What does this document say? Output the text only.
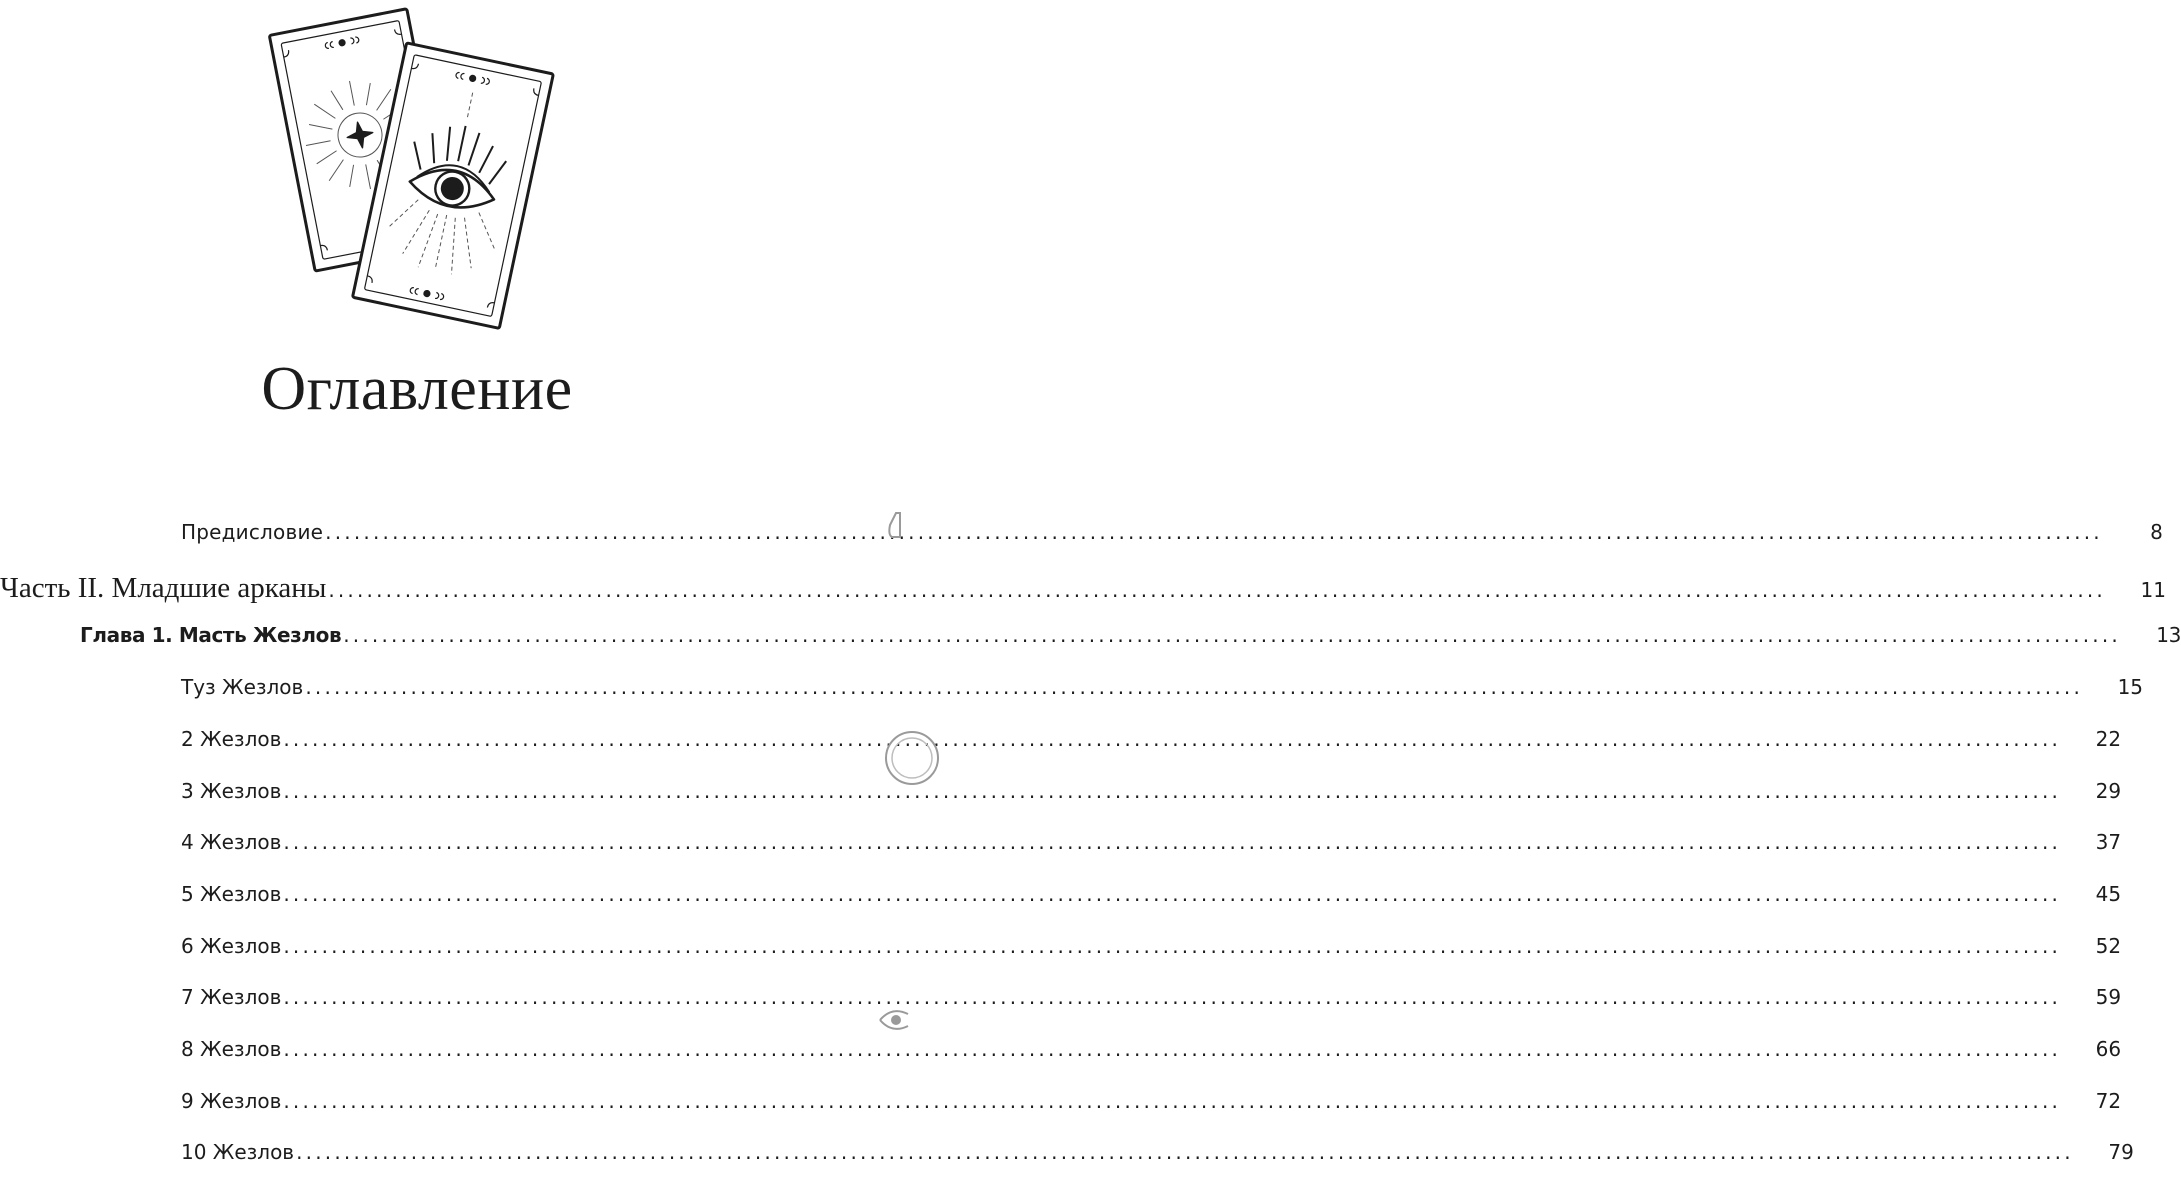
Оглавление
Предисловие .....	8
Часть II. Младшие арканы .....	11
Глава 1. Масть Жезлов .....	13
Туз Жезлов .....	15
2 Жезлов .....	22
3 Жезлов .....	29
4 Жезлов .....	37
5 Жезлов .....	45
6 Жезлов .....	52
7 Жезлов .....	59
8 Жезлов .....	66
9 Жезлов .....	72
10 Жезлов .....	79
